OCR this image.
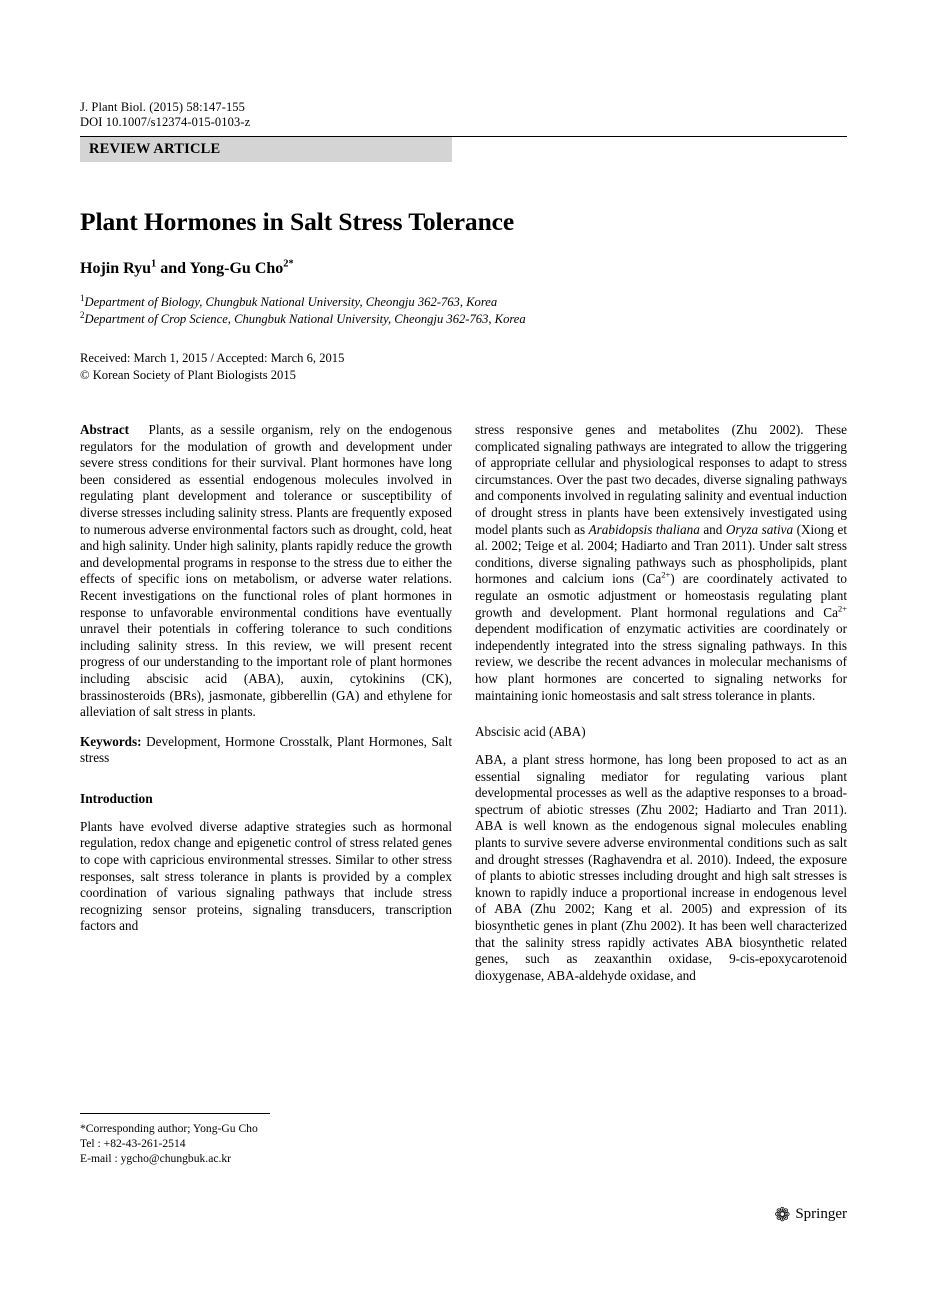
J. Plant Biol. (2015) 58:147-155
DOI 10.1007/s12374-015-0103-z
REVIEW ARTICLE
Plant Hormones in Salt Stress Tolerance
Hojin Ryu$^1$ and Yong-Gu Cho$^{2*}$
$^1$Department of Biology, Chungbuk National University, Cheongju 362-763, Korea
$^2$Department of Crop Science, Chungbuk National University, Cheongju 362-763, Korea
Received: March 1, 2015 / Accepted: March 6, 2015
© Korean Society of Plant Biologists 2015

Abstract Plants, as a sessile organism, rely on the endogenous regulators for the modulation of growth and development under severe stress conditions for their survival. Plant hormones have long been considered as essential endogenous molecules involved in regulating plant development and tolerance or susceptibility of diverse stresses including salinity stress. Plants are frequently exposed to numerous adverse environmental factors such as drought, cold, heat and high salinity. Under high salinity, plants rapidly reduce the growth and developmental programs in response to the stress due to either the effects of specific ions on metabolism, or adverse water relations. Recent investigations on the functional roles of plant hormones in response to unfavorable environmental conditions have eventually unravel their potentials in coffering tolerance to such conditions including salinity stress. In this review, we will present recent progress of our understanding to the important role of plant hormones including abscisic acid (ABA), auxin, cytokinins (CK), brassinosteroids (BRs), jasmonate, gibberellin (GA) and ethylene for alleviation of salt stress in plants.

Keywords: Development, Hormone Crosstalk, Plant Hormones, Salt stress

Introduction

Plants have evolved diverse adaptive strategies such as hormonal regulation, redox change and epigenetic control of stress related genes to cope with capricious environmental stresses. Similar to other stress responses, salt stress tolerance in plants is provided by a complex coordination of various signaling pathways that include stress recognizing sensor proteins, signaling transducers, transcription factors and

stress responsive genes and metabolites (Zhu 2002). These complicated signaling pathways are integrated to allow the triggering of appropriate cellular and physiological responses to adapt to stress circumstances. Over the past two decades, diverse signaling pathways and components involved in regulating salinity and eventual induction of drought stress in plants have been extensively investigated using model plants such as Arabidopsis thaliana and Oryza sativa (Xiong et al. 2002; Teige et al. 2004; Hadiarto and Tran 2011). Under salt stress conditions, diverse signaling pathways such as phospholipids, plant hormones and calcium ions $(Ca^{2+})$ are coordinately activated to regulate an osmotic adjustment or homeostasis regulating plant growth and development. Plant hormonal regulations and $Ca^{2+}$ dependent modification of enzymatic activities are coordinately or independently integrated into the stress signaling pathways. In this review, we describe the recent advances in molecular mechanisms of how plant hormones are concerted to signaling networks for maintaining ionic homeostasis and salt stress tolerance in plants.

Abscisic acid (ABA)

ABA, a plant stress hormone, has long been proposed to act as an essential signaling mediator for regulating various plant developmental processes as well as the adaptive responses to a broad-spectrum of abiotic stresses (Zhu 2002; Hadiarto and Tran 2011). ABA is well known as the endogenous signal molecules enabling plants to survive severe adverse environmental conditions such as salt and drought stresses (Raghavendra et al. 2010). Indeed, the exposure of plants to abiotic stresses including drought and high salt stresses is known to rapidly induce a proportional increase in endogenous level of ABA (Zhu 2002; Kang et al. 2005) and expression of its biosynthetic genes in plant (Zhu 2002). It has been well characterized that the salinity stress rapidly activates ABA biosynthetic related genes, such as zeaxanthin oxidase, 9-cis-epoxycarotenoid dioxygenase, ABA-aldehyde oxidase, and

*Corresponding author; Yong-Gu Cho
Tel : +82-43-261-2514
E-mail : ygcho@chungbuk.ac.kr
❁ Springer
